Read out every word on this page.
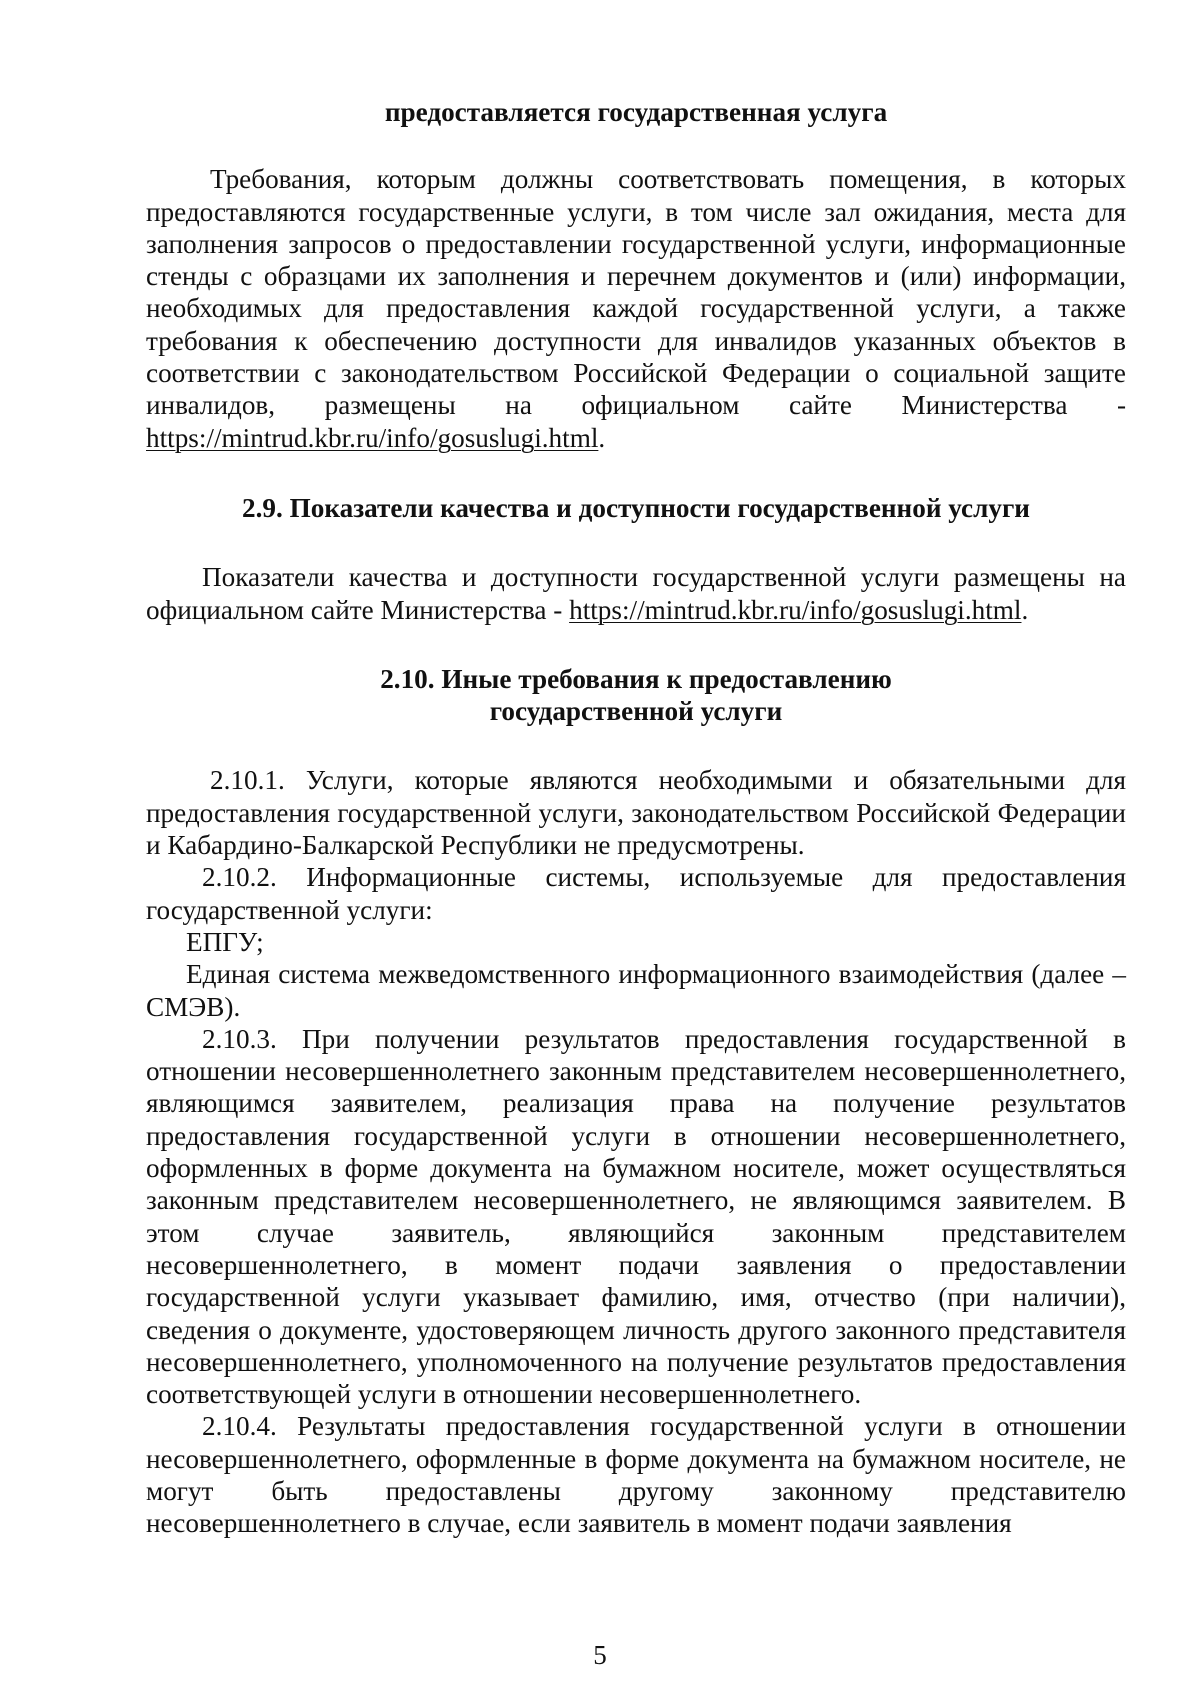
предоставляется государственная услуга

Требования, которым должны соответствовать помещения, в которых предоставляются государственные услуги, в том числе зал ожидания, места для заполнения запросов о предоставлении государственной услуги, информационные стенды с образцами их заполнения и перечнем документов и (или) информации, необходимых для предоставления каждой государственной услуги, а также требования к обеспечению доступности для инвалидов указанных объектов в соответствии с законодательством Российской Федерации о социальной защите инвалидов, размещены на официальном сайте Министерства - https://mintrud.kbr.ru/info/gosuslugi.html.

2.9. Показатели качества и доступности государственной услуги

Показатели качества и доступности государственной услуги размещены на официальном сайте Министерства - https://mintrud.kbr.ru/info/gosuslugi.html.

2.10. Иные требования к предоставлению
государственной услуги

2.10.1. Услуги, которые являются необходимыми и обязательными для предоставления государственной услуги, законодательством Российской Федерации и Кабардино-Балкарской Республики не предусмотрены.

2.10.2. Информационные системы, используемые для предоставления государственной услуги:

ЕПГУ;

Единая система межведомственного информационного взаимодействия (далее – СМЭВ).

2.10.3. При получении результатов предоставления государственной в отношении несовершеннолетнего законным представителем несовершеннолетнего, являющимся заявителем, реализация права на получение результатов предоставления государственной услуги в отношении несовершеннолетнего, оформленных в форме документа на бумажном носителе, может осуществляться законным представителем несовершеннолетнего, не являющимся заявителем. В этом случае заявитель, являющийся законным представителем несовершеннолетнего, в момент подачи заявления о предоставлении государственной услуги указывает фамилию, имя, отчество (при наличии), сведения о документе, удостоверяющем личность другого законного представителя несовершеннолетнего, уполномоченного на получение результатов предоставления соответствующей услуги в отношении несовершеннолетнего.

2.10.4. Результаты предоставления государственной услуги в отношении несовершеннолетнего, оформленные в форме документа на бумажном носителе, не могут быть предоставлены другому законному представителю несовершеннолетнего в случае, если заявитель в момент подачи заявления

5
